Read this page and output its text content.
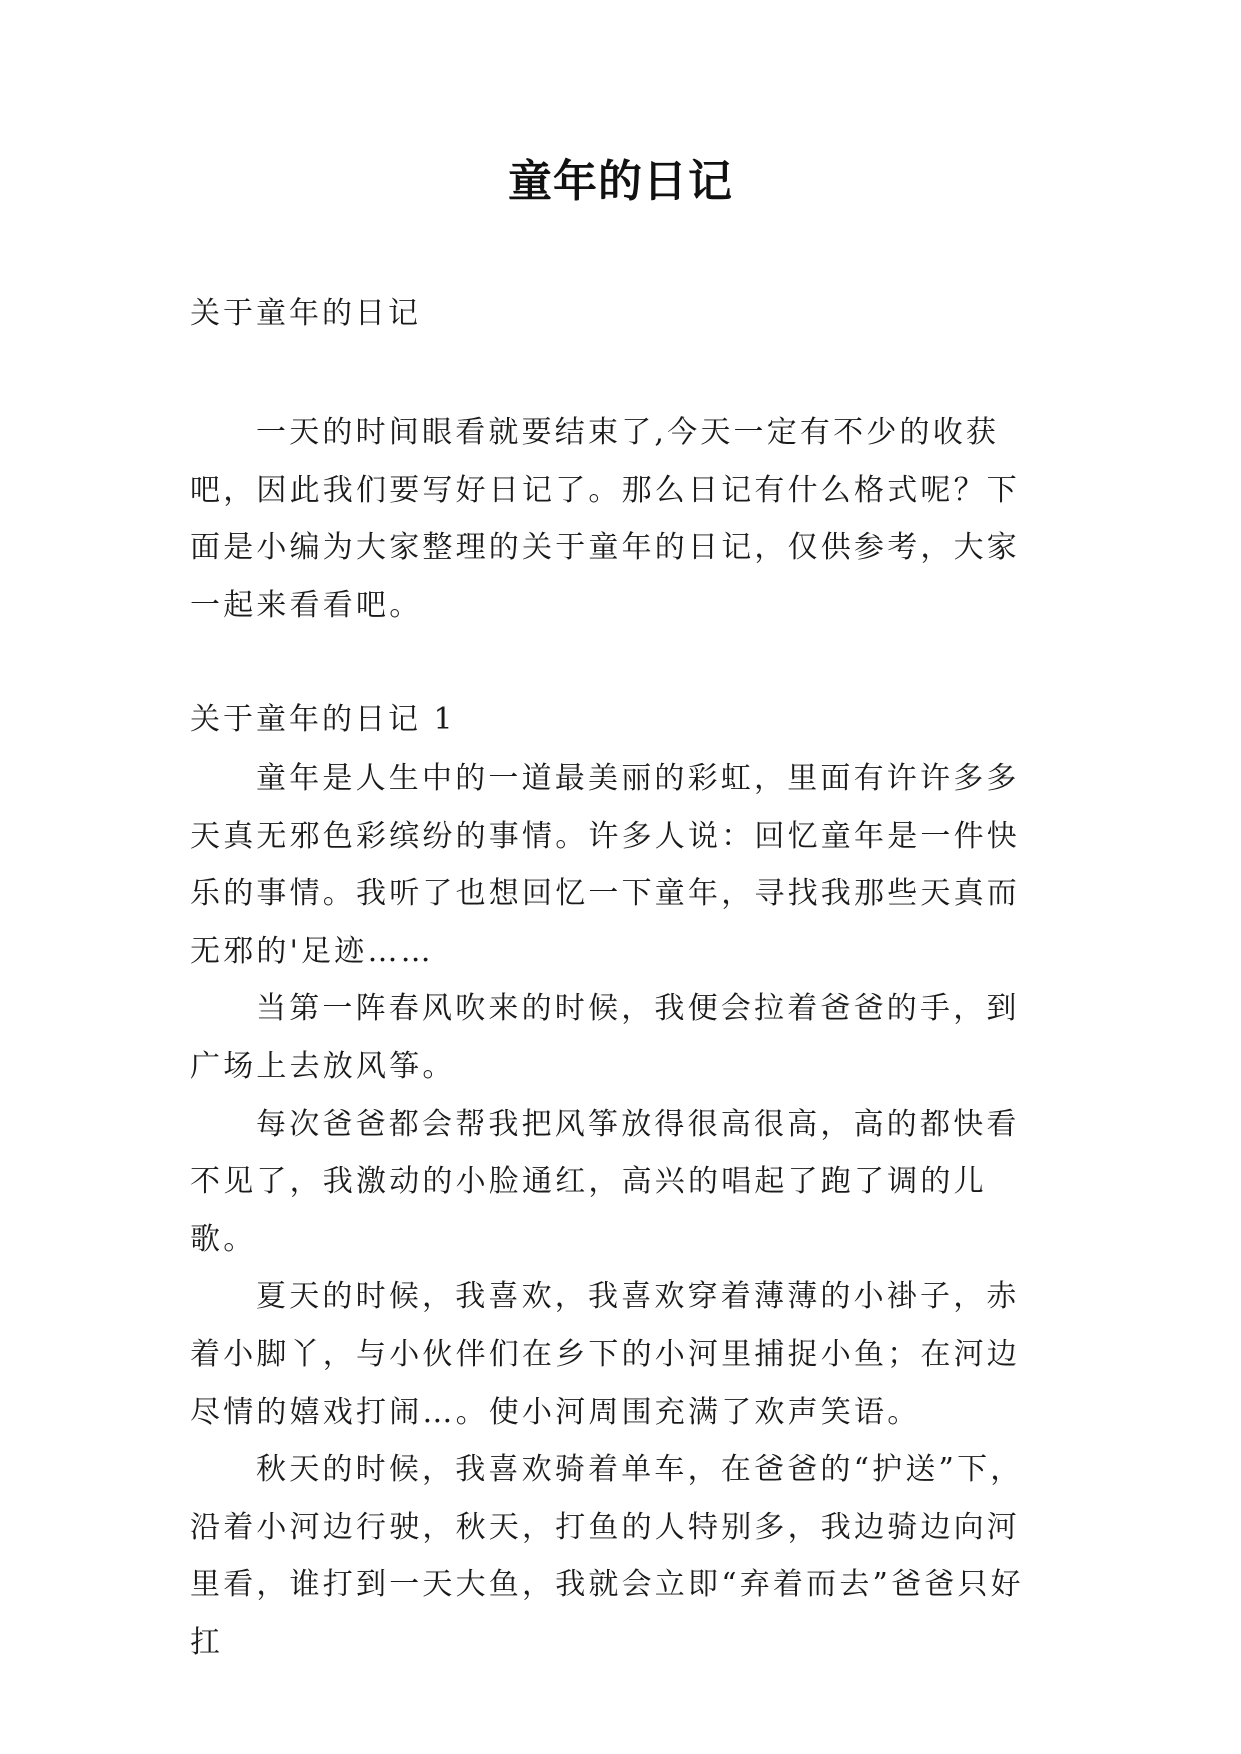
童年的日记
关于童年的日记

一天的时间眼看就要结束了,今天一定有不少的收获吧，因此我们要写好日记了。那么日记有什么格式呢？下面是小编为大家整理的关于童年的日记，仅供参考，大家一起来看看吧。

关于童年的日记 1

童年是人生中的一道最美丽的彩虹，里面有许许多多天真无邪色彩缤纷的事情。许多人说：回忆童年是一件快乐的事情。我听了也想回忆一下童年，寻找我那些天真而无邪的'足迹……

当第一阵春风吹来的时候，我便会拉着爸爸的手，到广场上去放风筝。

每次爸爸都会帮我把风筝放得很高很高，高的都快看不见了，我激动的小脸通红，高兴的唱起了跑了调的儿歌。

夏天的时候，我喜欢，我喜欢穿着薄薄的小褂子，赤着小脚丫，与小伙伴们在乡下的小河里捕捉小鱼；在河边尽情的嬉戏打闹…。使小河周围充满了欢声笑语。

秋天的时候，我喜欢骑着单车，在爸爸的“护送”下，沿着小河边行驶，秋天，打鱼的人特别多，我边骑边向河里看，谁打到一天大鱼，我就会立即“弃着而去”爸爸只好扛
